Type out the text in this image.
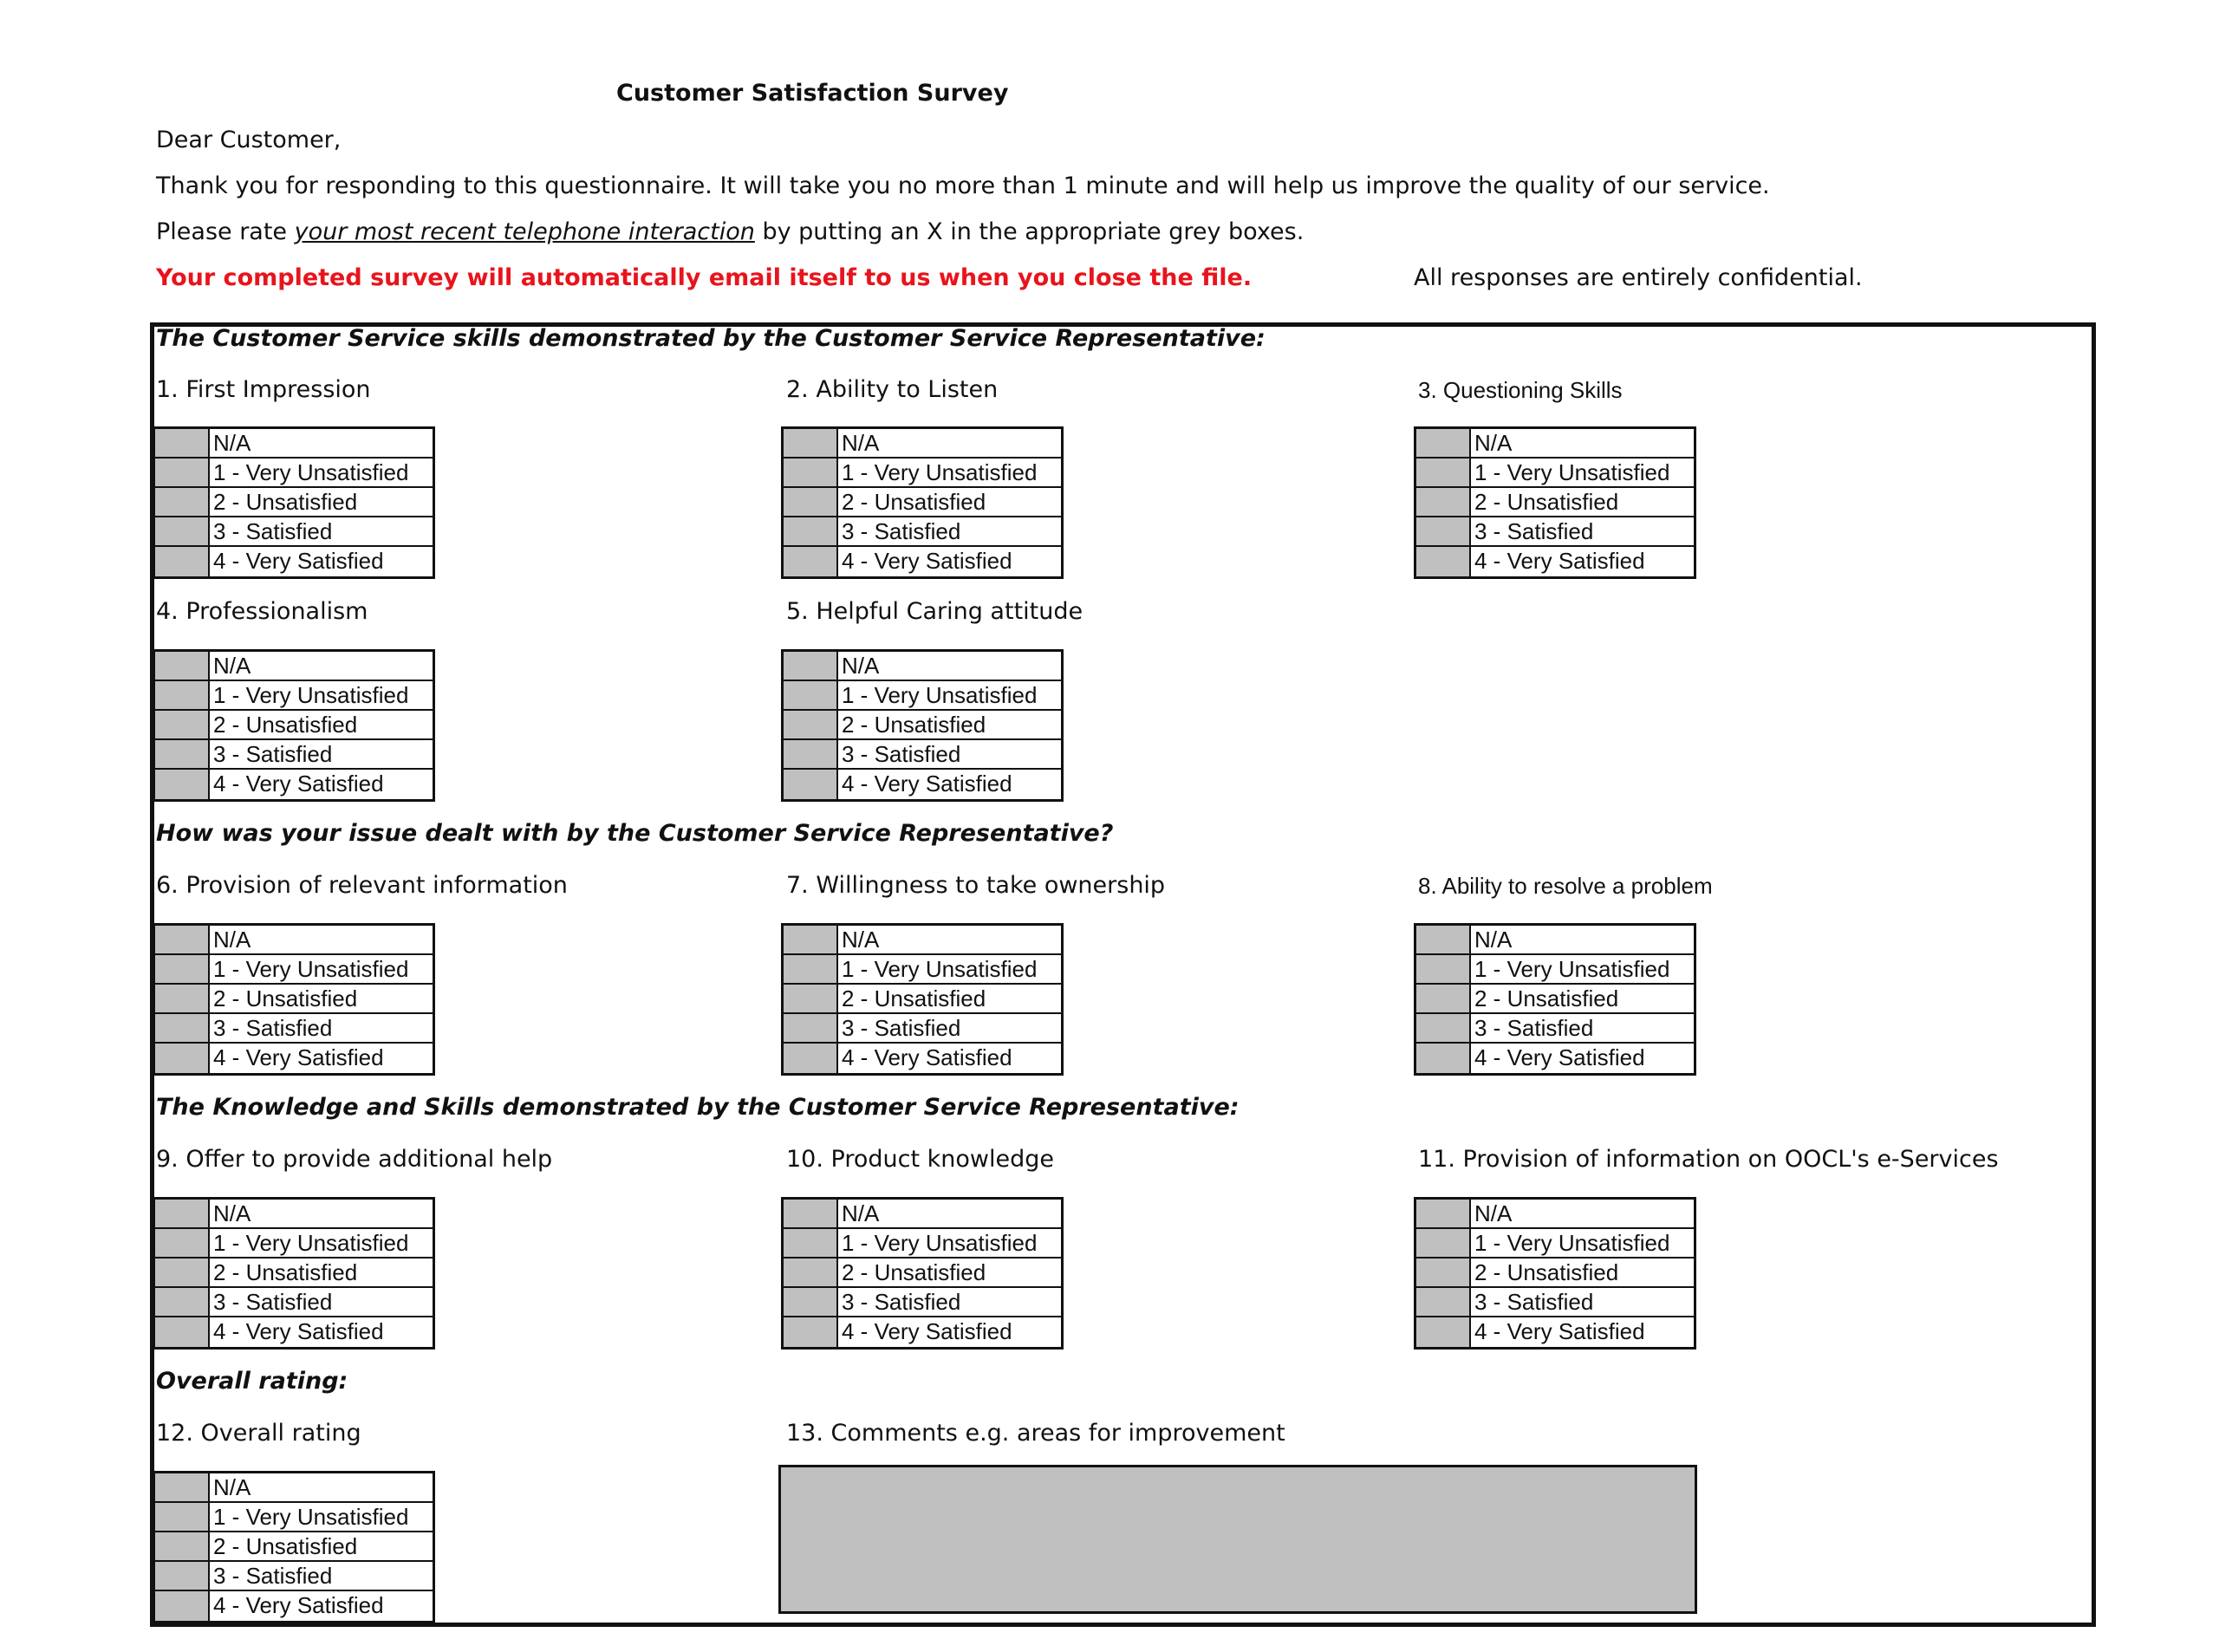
Customer Satisfaction Survey
Dear Customer,
Thank you for responding to this questionnaire. It will take you no more than 1 minute and will help us improve the quality of our service.
Please rate your most recent telephone interaction by putting an X in the appropriate grey boxes.
Your completed survey will automatically email itself to us when you close the file.	All responses are entirely confidential.
The Customer Service skills demonstrated by the Customer Service Representative:
How was your issue dealt with by the Customer Service Representative?
The Knowledge and Skills demonstrated by the Customer Service Representative:
Overall rating:
1. First Impression	2. Ability to Listen	3. Questioning Skills
4. Professionalism	5. Helpful Caring attitude
6. Provision of relevant information	7. Willingness to take ownership	8. Ability to resolve a problem
9. Offer to provide additional help	10. Product knowledge	11. Provision of information on OOCL's e-Services
12. Overall rating	13. Comments e.g. areas for improvement
N/A
1 - Very Unsatisfied
2 - Unsatisfied
3 - Satisfied
4 - Very Satisfied
N/A
1 - Very Unsatisfied
2 - Unsatisfied
3 - Satisfied
4 - Very Satisfied
N/A
1 - Very Unsatisfied
2 - Unsatisfied
3 - Satisfied
4 - Very Satisfied
N/A
1 - Very Unsatisfied
2 - Unsatisfied
3 - Satisfied
4 - Very Satisfied
N/A
1 - Very Unsatisfied
2 - Unsatisfied
3 - Satisfied
4 - Very Satisfied
N/A
1 - Very Unsatisfied
2 - Unsatisfied
3 - Satisfied
4 - Very Satisfied
N/A
1 - Very Unsatisfied
2 - Unsatisfied
3 - Satisfied
4 - Very Satisfied
N/A
1 - Very Unsatisfied
2 - Unsatisfied
3 - Satisfied
4 - Very Satisfied
N/A
1 - Very Unsatisfied
2 - Unsatisfied
3 - Satisfied
4 - Very Satisfied
N/A
1 - Very Unsatisfied
2 - Unsatisfied
3 - Satisfied
4 - Very Satisfied
N/A
1 - Very Unsatisfied
2 - Unsatisfied
3 - Satisfied
4 - Very Satisfied
N/A
1 - Very Unsatisfied
2 - Unsatisfied
3 - Satisfied
4 - Very Satisfied
